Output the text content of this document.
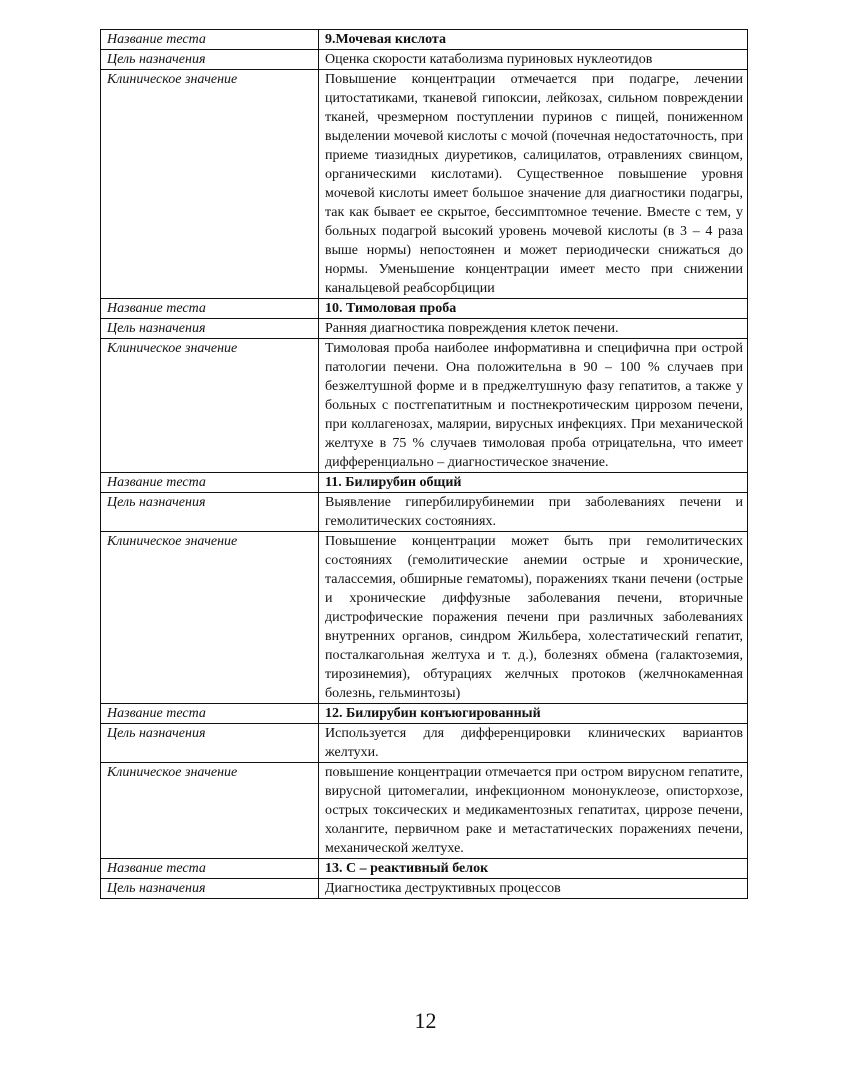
Название теста	9.Мочевая кислота
Цель назначения	Оценка скорости катаболизма пуриновых нуклеотидов
Клиническое значение	Повышение концентрации отмечается при подагре, лечении цитостатиками, тканевой гипоксии, лейкозах, сильном повреждении тканей, чрезмерном поступлении пуринов с пищей, пониженном выделении мочевой кислоты с мочой (почечная недостаточность, при приеме тиазидных диуретиков, салицилатов, отравлениях свинцом, органическими кислотами). Существенное повышение уровня мочевой кислоты имеет большое значение для диагностики подагры, так как бывает ее скрытое, бессимптомное течение. Вместе с тем, у больных подагрой высокий уровень мочевой кислоты (в 3 – 4 раза выше нормы) непостоянен и может периодически снижаться до нормы. Уменьшение концентрации имеет место при снижении канальцевой реабсорбциции
Название теста	10. Тимоловая проба
Цель назначения	Ранняя диагностика повреждения клеток печени.
Клиническое значение	Тимоловая проба наиболее информативна и специфична при острой патологии печени. Она положительна в 90 – 100 % случаев при безжелтушной форме и в преджелтушную фазу гепатитов, а также у больных с постгепатитным и постнекротическим циррозом печени, при коллагенозах, малярии, вирусных инфекциях. При механической желтухе в 75 % случаев тимоловая проба отрицательна, что имеет дифференциально – диагностическое значение.
Название теста	11. Билирубин общий
Цель назначения	Выявление гипербилирубинемии при заболеваниях печени и гемолитических состояниях.
Клиническое значение	Повышение концентрации может быть при гемолитических состояниях (гемолитические анемии острые и хронические, талассемия, обширные гематомы), поражениях ткани печени (острые и хронические диффузные заболевания печени, вторичные дистрофические поражения печени при различных заболеваниях внутренних органов, синдром Жильбера, холестатический гепатит, посталкагольная желтуха и т. д.), болезнях обмена (галактоземия, тирозинемия), обтурациях желчных протоков (желчнокаменная болезнь, гельминтозы)
Название теста	12. Билирубин конъюгированный
Цель назначения	Используется для дифференцировки клинических вариантов желтухи.
Клиническое значение	повышение концентрации отмечается при остром вирусном гепатите, вирусной цитомегалии, инфекционном мононуклеозе, описторхозе, острых токсических и медикаментозных гепатитах, циррозе печени, холангите, первичном раке и метастатических поражениях печени, механической желтухе.
Название теста	13. С – реактивный белок
Цель назначения	Диагностика деструктивных процессов
12
